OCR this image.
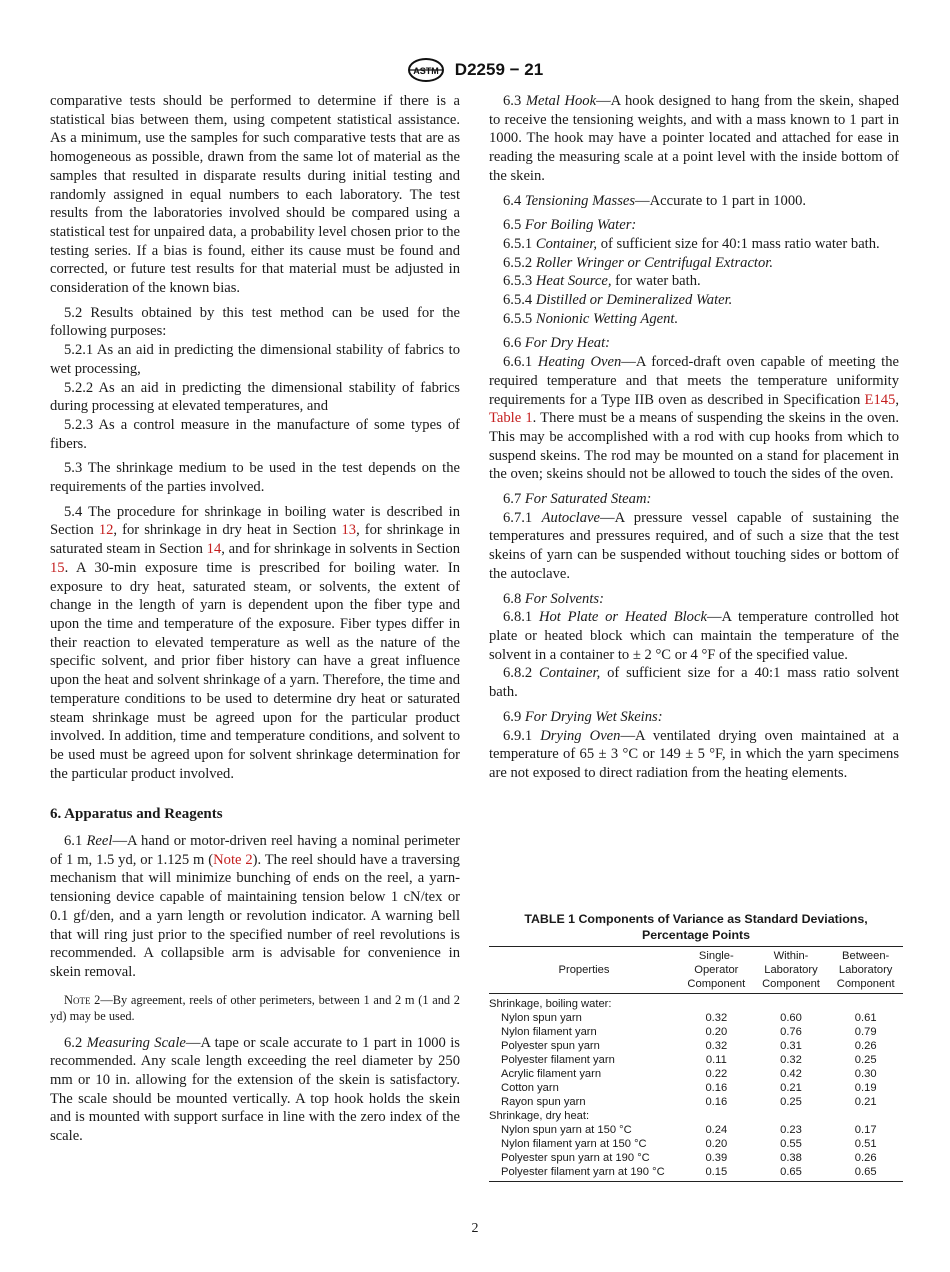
ASTM D2259 − 21

comparative tests should be performed to determine if there is a statistical bias between them, using competent statistical assistance. As a minimum, use the samples for such comparative tests that are as homogeneous as possible, drawn from the same lot of material as the samples that resulted in disparate results during initial testing and randomly assigned in equal numbers to each laboratory. The test results from the laboratories involved should be compared using a statistical test for unpaired data, a probability level chosen prior to the testing series. If a bias is found, either its cause must be found and corrected, or future test results for that material must be adjusted in consideration of the known bias.

5.2 Results obtained by this test method can be used for the following purposes:

5.2.1 As an aid in predicting the dimensional stability of fabrics to wet processing,

5.2.2 As an aid in predicting the dimensional stability of fabrics during processing at elevated temperatures, and

5.2.3 As a control measure in the manufacture of some types of fibers.

5.3 The shrinkage medium to be used in the test depends on the requirements of the parties involved.

5.4 The procedure for shrinkage in boiling water is described in Section 12, for shrinkage in dry heat in Section 13, for shrinkage in saturated steam in Section 14, and for shrinkage in solvents in Section 15. A 30-min exposure time is prescribed for boiling water. In exposure to dry heat, saturated steam, or solvents, the extent of change in the length of yarn is dependent upon the fiber type and upon the time and temperature of the exposure. Fiber types differ in their reaction to elevated temperature as well as the nature of the specific solvent, and prior fiber history can have a great influence upon the heat and solvent shrinkage of a yarn. Therefore, the time and temperature conditions to be used to determine dry heat or saturated steam shrinkage must be agreed upon for the particular product involved. In addition, time and temperature conditions, and solvent to be used must be agreed upon for solvent shrinkage determination for the particular product involved.

6. Apparatus and Reagents

6.1 Reel—A hand or motor-driven reel having a nominal perimeter of 1 m, 1.5 yd, or 1.125 m (Note 2). The reel should have a traversing mechanism that will minimize bunching of ends on the reel, a yarn-tensioning device capable of maintaining tension below 1 cN/tex or 0.1 gf/den, and a yarn length or revolution indicator. A warning bell that will ring just prior to the specified number of reel revolutions is recommended. A collapsible arm is advisable for convenience in skein removal.

Note 2—By agreement, reels of other perimeters, between 1 and 2 m (1 and 2 yd) may be used.

6.2 Measuring Scale—A tape or scale accurate to 1 part in 1000 is recommended. Any scale length exceeding the reel diameter by 250 mm or 10 in. allowing for the extension of the skein is satisfactory. The scale should be mounted vertically. A top hook holds the skein and is mounted with support surface in line with the zero index of the scale.

6.3 Metal Hook—A hook designed to hang from the skein, shaped to receive the tensioning weights, and with a mass known to 1 part in 1000. The hook may have a pointer located and attached for ease in reading the measuring scale at a point level with the inside bottom of the skein.

6.4 Tensioning Masses—Accurate to 1 part in 1000.

6.5 For Boiling Water:

6.5.1 Container, of sufficient size for 40:1 mass ratio water bath.

6.5.2 Roller Wringer or Centrifugal Extractor.

6.5.3 Heat Source, for water bath.

6.5.4 Distilled or Demineralized Water.

6.5.5 Nonionic Wetting Agent.

6.6 For Dry Heat:

6.6.1 Heating Oven—A forced-draft oven capable of meeting the required temperature and that meets the temperature uniformity requirements for a Type IIB oven as described in Specification E145, Table 1. There must be a means of suspending the skeins in the oven. This may be accomplished with a rod with cup hooks from which to suspend skeins. The rod may be mounted on a stand for placement in the oven; skeins should not be allowed to touch the sides of the oven.

6.7 For Saturated Steam:

6.7.1 Autoclave—A pressure vessel capable of sustaining the temperatures and pressures required, and of such a size that the test skeins of yarn can be suspended without touching sides or bottom of the autoclave.

6.8 For Solvents:

6.8.1 Hot Plate or Heated Block—A temperature controlled hot plate or heated block which can maintain the temperature of the solvent in a container to ± 2 °C or 4 °F of the specified value.

6.8.2 Container, of sufficient size for a 40:1 mass ratio solvent bath.

6.9 For Drying Wet Skeins:

6.9.1 Drying Oven—A ventilated drying oven maintained at a temperature of 65 ± 3 °C or 149 ± 5 °F, in which the yarn specimens are not exposed to direct radiation from the heating elements.

TABLE 1 Components of Variance as Standard Deviations,
Percentage Points
Properties	Single-
Operator
Component	Within-
Laboratory
Component	Between-
Laboratory
Component
Shrinkage, boiling water:			
Nylon spun yarn	0.32	0.60	0.61
Nylon filament yarn	0.20	0.76	0.79
Polyester spun yarn	0.32	0.31	0.26
Polyester filament yarn	0.11	0.32	0.25
Acrylic filament yarn	0.22	0.42	0.30
Cotton yarn	0.16	0.21	0.19
Rayon spun yarn	0.16	0.25	0.21
Shrinkage, dry heat:			
Nylon spun yarn at 150 °C	0.24	0.23	0.17
Nylon filament yarn at 150 °C	0.20	0.55	0.51
Polyester spun yarn at 190 °C	0.39	0.38	0.26
Polyester filament yarn at 190 °C	0.15	0.65	0.65
2
